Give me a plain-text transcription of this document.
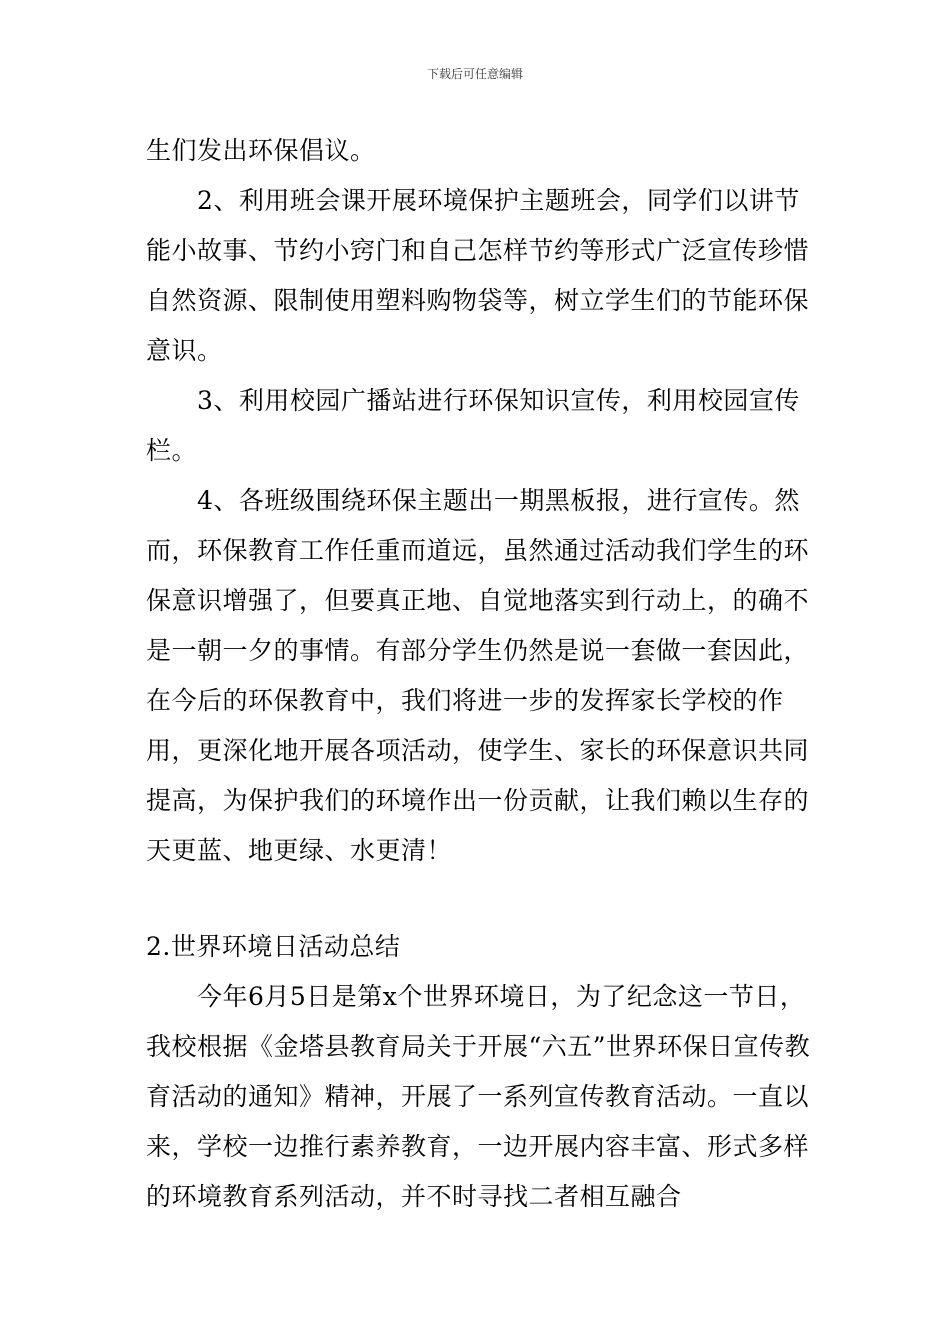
下载后可任意编辑

生们发出环保倡议。

2、利用班会课开展环境保护主题班会，同学们以讲节能小故事、节约小窍门和自己怎样节约等形式广泛宣传珍惜自然资源、限制使用塑料购物袋等，树立学生们的节能环保意识。

3、利用校园广播站进行环保知识宣传，利用校园宣传栏。

4、各班级围绕环保主题出一期黑板报，进行宣传。然而，环保教育工作任重而道远，虽然通过活动我们学生的环保意识增强了，但要真正地、自觉地落实到行动上，的确不是一朝一夕的事情。有部分学生仍然是说一套做一套因此，在今后的环保教育中，我们将进一步的发挥家长学校的作用，更深化地开展各项活动，使学生、家长的环保意识共同提高，为保护我们的环境作出一份贡献，让我们赖以生存的天更蓝、地更绿、水更清！

2.世界环境日活动总结

今年6月5日是第x个世界环境日，为了纪念这一节日，我校根据《金塔县教育局关于开展“六五”世界环保日宣传教育活动的通知》精神，开展了一系列宣传教育活动。一直以来，学校一边推行素养教育，一边开展内容丰富、形式多样的环境教育系列活动，并不时寻找二者相互融合
